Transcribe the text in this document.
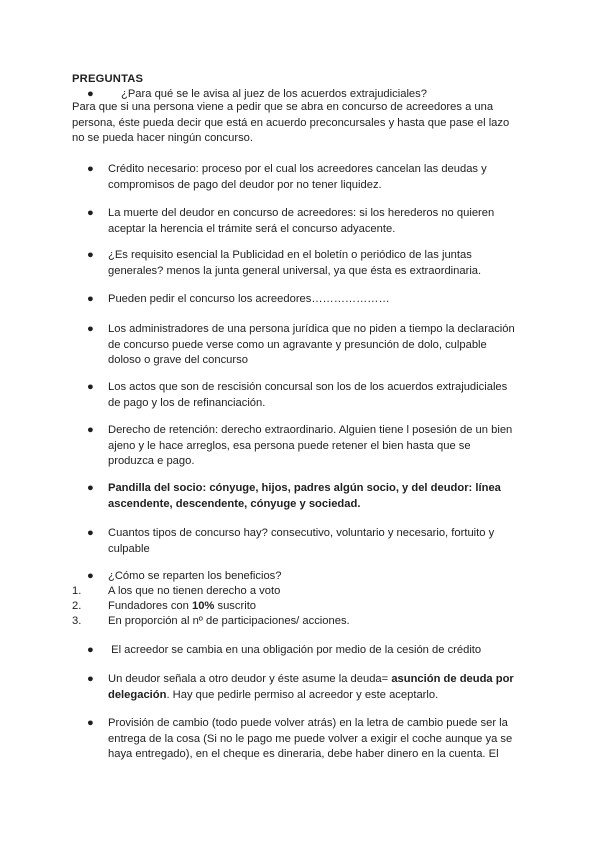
PREGUNTAS
● ¿Para qué se le avisa al juez de los acuerdos extrajudiciales?

Para que si una persona viene a pedir que se abra en concurso de acreedores a una persona, éste pueda decir que está en acuerdo preconcursales y hasta que pase el lazo no se pueda hacer ningún concurso.

● Crédito necesario: proceso por el cual los acreedores cancelan las deudas y compromisos de pago del deudor por no tener liquidez.
● La muerte del deudor en concurso de acreedores: si los herederos no quieren aceptar la herencia el trámite será el concurso adyacente.
● ¿Es requisito esencial la Publicidad en el boletín o periódico de las juntas generales? menos la junta general universal, ya que ésta es extraordinaria.
● Pueden pedir el concurso los acreedores…………………
● Los administradores de una persona jurídica que no piden a tiempo la declaración de concurso puede verse como un agravante y presunción de dolo, culpable doloso o grave del concurso
● Los actos que son de rescisión concursal son los de los acuerdos extrajudiciales de pago y los de refinanciación.
● Derecho de retención: derecho extraordinario. Alguien tiene l posesión de un bien ajeno y le hace arreglos, esa persona puede retener el bien hasta que se produzca e pago.
● Pandilla del socio: cónyuge, hijos, padres algún socio, y del deudor: línea ascendente, descendente, cónyuge y sociedad.
● Cuantos tipos de concurso hay? consecutivo, voluntario y necesario, fortuito y culpable
● ¿Cómo se reparten los beneficios?
1. A los que no tienen derecho a voto
2. Fundadores con 10% suscrito
3. En proporción al nº de participaciones/ acciones.
● El acreedor se cambia en una obligación por medio de la cesión de crédito
● Un deudor señala a otro deudor y éste asume la deuda= asunción de deuda por delegación. Hay que pedirle permiso al acreedor y este aceptarlo.
● Provisión de cambio (todo puede volver atrás) en la letra de cambio puede ser la entrega de la cosa (Si no le pago me puede volver a exigir el coche aunque ya se haya entregado), en el cheque es dineraria, debe haber dinero en la cuenta. El
